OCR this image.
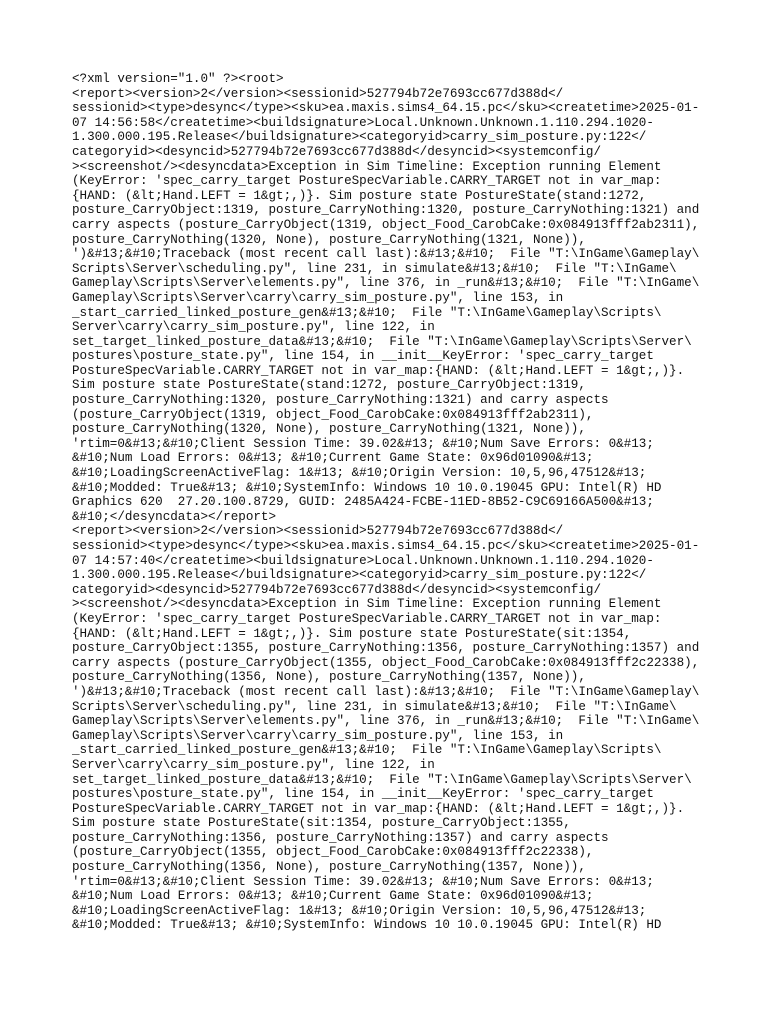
<?xml version="1.0" ?><root>
<report><version>2</version><sessionid>527794b72e7693cc677d388d</
sessionid><type>desync</type><sku>ea.maxis.sims4_64.15.pc</sku><createtime>2025-01-
07 14:56:58</createtime><buildsignature>Local.Unknown.Unknown.1.110.294.1020-
1.300.000.195.Release</buildsignature><categoryid>carry_sim_posture.py:122</
categoryid><desyncid>527794b72e7693cc677d388d</desyncid><systemconfig/
><screenshot/><desyncdata>Exception in Sim Timeline: Exception running Element
(KeyError: 'spec_carry_target PostureSpecVariable.CARRY_TARGET not in var_map:
{HAND: (&lt;Hand.LEFT = 1&gt;,)}. Sim posture state PostureState(stand:1272,
posture_CarryObject:1319, posture_CarryNothing:1320, posture_CarryNothing:1321) and
carry aspects (posture_CarryObject(1319, object_Food_CarobCake:0x084913fff2ab2311),
posture_CarryNothing(1320, None), posture_CarryNothing(1321, None)),
')&#13;&#10;Traceback (most recent call last):&#13;&#10;  File "T:\InGame\Gameplay\
Scripts\Server\scheduling.py", line 231, in simulate&#13;&#10;  File "T:\InGame\
Gameplay\Scripts\Server\elements.py", line 376, in _run&#13;&#10;  File "T:\InGame\
Gameplay\Scripts\Server\carry\carry_sim_posture.py", line 153, in
_start_carried_linked_posture_gen&#13;&#10;  File "T:\InGame\Gameplay\Scripts\
Server\carry\carry_sim_posture.py", line 122, in
set_target_linked_posture_data&#13;&#10;  File "T:\InGame\Gameplay\Scripts\Server\
postures\posture_state.py", line 154, in __init__KeyError: 'spec_carry_target
PostureSpecVariable.CARRY_TARGET not in var_map:{HAND: (&lt;Hand.LEFT = 1&gt;,)}.
Sim posture state PostureState(stand:1272, posture_CarryObject:1319,
posture_CarryNothing:1320, posture_CarryNothing:1321) and carry aspects
(posture_CarryObject(1319, object_Food_CarobCake:0x084913fff2ab2311),
posture_CarryNothing(1320, None), posture_CarryNothing(1321, None)),
'rtim=0&#13;&#10;Client Session Time: 39.02&#13; &#10;Num Save Errors: 0&#13;
&#10;Num Load Errors: 0&#13; &#10;Current Game State: 0x96d01090&#13;
&#10;LoadingScreenActiveFlag: 1&#13; &#10;Origin Version: 10,5,96,47512&#13;
&#10;Modded: True&#13; &#10;SystemInfo: Windows 10 10.0.19045 GPU: Intel(R) HD
Graphics 620  27.20.100.8729, GUID: 2485A424-FCBE-11ED-8B52-C9C69166A500&#13;
&#10;</desyncdata></report>
<report><version>2</version><sessionid>527794b72e7693cc677d388d</
sessionid><type>desync</type><sku>ea.maxis.sims4_64.15.pc</sku><createtime>2025-01-
07 14:57:40</createtime><buildsignature>Local.Unknown.Unknown.1.110.294.1020-
1.300.000.195.Release</buildsignature><categoryid>carry_sim_posture.py:122</
categoryid><desyncid>527794b72e7693cc677d388d</desyncid><systemconfig/
><screenshot/><desyncdata>Exception in Sim Timeline: Exception running Element
(KeyError: 'spec_carry_target PostureSpecVariable.CARRY_TARGET not in var_map:
{HAND: (&lt;Hand.LEFT = 1&gt;,)}. Sim posture state PostureState(sit:1354,
posture_CarryObject:1355, posture_CarryNothing:1356, posture_CarryNothing:1357) and
carry aspects (posture_CarryObject(1355, object_Food_CarobCake:0x084913fff2c22338),
posture_CarryNothing(1356, None), posture_CarryNothing(1357, None)),
')&#13;&#10;Traceback (most recent call last):&#13;&#10;  File "T:\InGame\Gameplay\
Scripts\Server\scheduling.py", line 231, in simulate&#13;&#10;  File "T:\InGame\
Gameplay\Scripts\Server\elements.py", line 376, in _run&#13;&#10;  File "T:\InGame\
Gameplay\Scripts\Server\carry\carry_sim_posture.py", line 153, in
_start_carried_linked_posture_gen&#13;&#10;  File "T:\InGame\Gameplay\Scripts\
Server\carry\carry_sim_posture.py", line 122, in
set_target_linked_posture_data&#13;&#10;  File "T:\InGame\Gameplay\Scripts\Server\
postures\posture_state.py", line 154, in __init__KeyError: 'spec_carry_target
PostureSpecVariable.CARRY_TARGET not in var_map:{HAND: (&lt;Hand.LEFT = 1&gt;,)}.
Sim posture state PostureState(sit:1354, posture_CarryObject:1355,
posture_CarryNothing:1356, posture_CarryNothing:1357) and carry aspects
(posture_CarryObject(1355, object_Food_CarobCake:0x084913fff2c22338),
posture_CarryNothing(1356, None), posture_CarryNothing(1357, None)),
'rtim=0&#13;&#10;Client Session Time: 39.02&#13; &#10;Num Save Errors: 0&#13;
&#10;Num Load Errors: 0&#13; &#10;Current Game State: 0x96d01090&#13;
&#10;LoadingScreenActiveFlag: 1&#13; &#10;Origin Version: 10,5,96,47512&#13;
&#10;Modded: True&#13; &#10;SystemInfo: Windows 10 10.0.19045 GPU: Intel(R) HD
